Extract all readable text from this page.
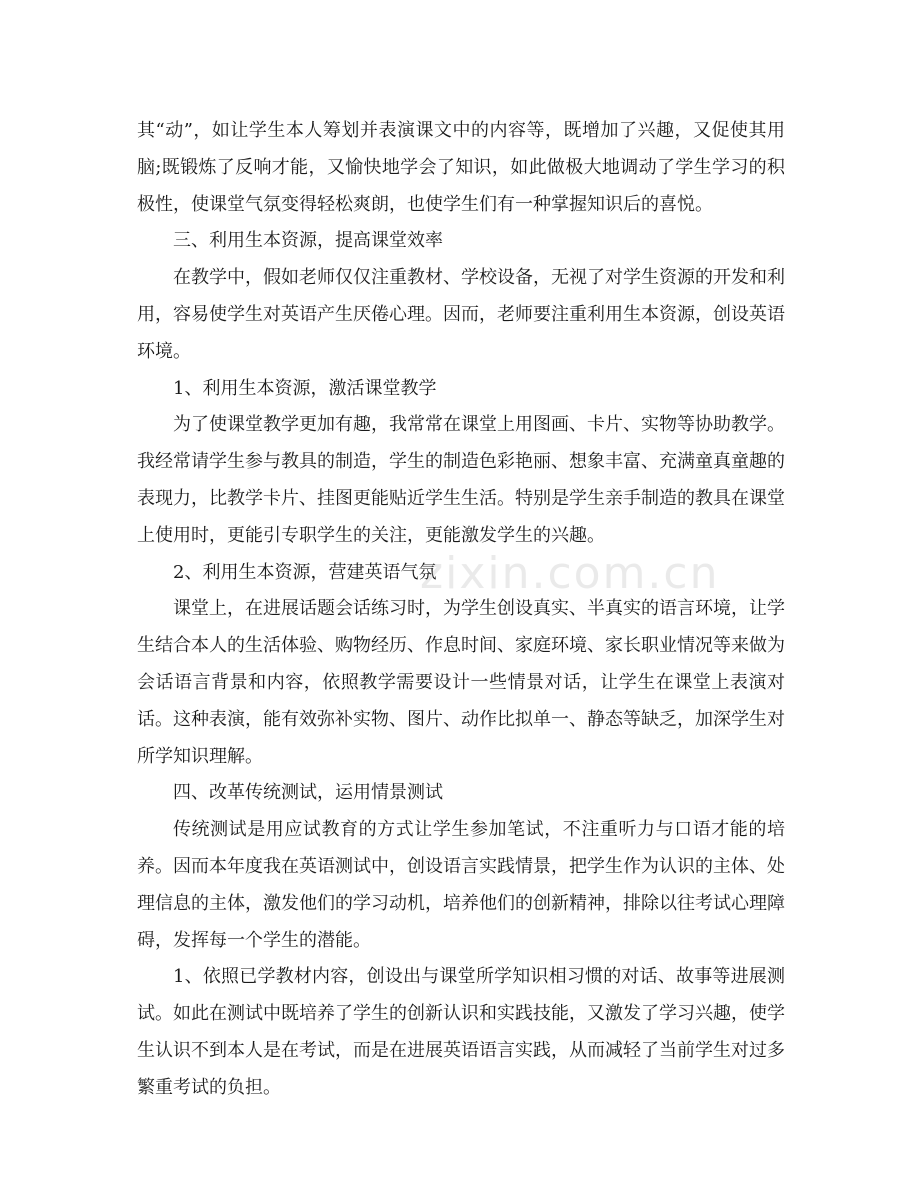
其“动”，如让学生本人筹划并表演课文中的内容等，既增加了兴趣，又促使其用脑;既锻炼了反响才能，又愉快地学会了知识，如此做极大地调动了学生学习的积极性，使课堂气氛变得轻松爽朗，也使学生们有一种掌握知识后的喜悦。

三、利用生本资源，提高课堂效率

在教学中，假如老师仅仅注重教材、学校设备，无视了对学生资源的开发和利用，容易使学生对英语产生厌倦心理。因而，老师要注重利用生本资源，创设英语环境。

1、利用生本资源，激活课堂教学

为了使课堂教学更加有趣，我常常在课堂上用图画、卡片、实物等协助教学。我经常请学生参与教具的制造，学生的制造色彩艳丽、想象丰富、充满童真童趣的表现力，比教学卡片、挂图更能贴近学生生活。特别是学生亲手制造的教具在课堂上使用时，更能引专职学生的关注，更能激发学生的兴趣。

2、利用生本资源，营建英语气氛

课堂上，在进展话题会话练习时，为学生创设真实、半真实的语言环境，让学生结合本人的生活体验、购物经历、作息时间、家庭环境、家长职业情况等来做为会话语言背景和内容，依照教学需要设计一些情景对话，让学生在课堂上表演对话。这种表演，能有效弥补实物、图片、动作比拟单一、静态等缺乏，加深学生对所学知识理解。

四、改革传统测试，运用情景测试

传统测试是用应试教育的方式让学生参加笔试，不注重听力与口语才能的培养。因而本年度我在英语测试中，创设语言实践情景，把学生作为认识的主体、处理信息的主体，激发他们的学习动机，培养他们的创新精神，排除以往考试心理障碍，发挥每一个学生的潜能。

1、依照已学教材内容，创设出与课堂所学知识相习惯的对话、故事等进展测试。如此在测试中既培养了学生的创新认识和实践技能，又激发了学习兴趣，使学生认识不到本人是在考试，而是在进展英语语言实践，从而减轻了当前学生对过多繁重考试的负担。

zixin.com.cn
